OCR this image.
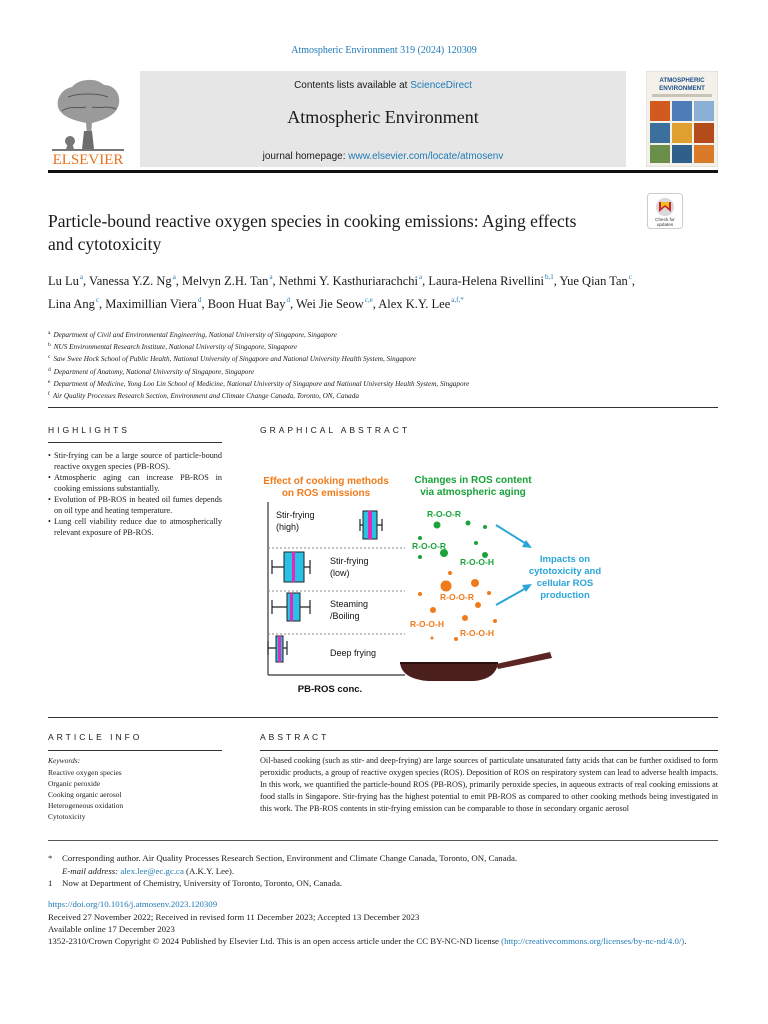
Atmospheric Environment 319 (2024) 120309
ELSEVIER
Contents lists available at ScienceDirect
Atmospheric Environment
journal homepage: www.elsevier.com/locate/atmosenv
ATMOSPHERIC
ENVIRONMENT
Check for
updates
Particle-bound reactive oxygen species in cooking emissions: Aging effects
and cytotoxicity
Lu Lu$^a$, Vanessa Y.Z. Ng$^a$, Melvyn Z.H. Tan$^a$, Nethmi Y. Kasthuriarachchi$^a$, Laura-Helena Rivellini$^{b,1}$, Yue Qian Tan$^c$, Lina Ang$^c$, Maximillian Viera$^d$, Boon Huat Bay$^d$, Wei Jie Seow$^{c,e}$, Alex K.Y. Lee$^{a,f,*}$
$^a$ Department of Civil and Environmental Engineering, National University of Singapore, Singapore
$^b$ NUS Environmental Research Institute, National University of Singapore, Singapore
$^c$ Saw Swee Hock School of Public Health, National University of Singapore and National University Health System, Singapore
$^d$ Department of Anatomy, National University of Singapore, Singapore
$^e$ Department of Medicine, Yong Loo Lin School of Medicine, National University of Singapore and National University Health System, Singapore
$^f$ Air Quality Processes Research Section, Environment and Climate Change Canada, Toronto, ON, Canada
HIGHLIGHTS
• Stir-frying can be a large source of particle-bound reactive oxygen species (PB-ROS).
• Atmospheric aging can increase PB-ROS in cooking emissions substantially.
• Evolution of PB-ROS in heated oil fumes depends on oil type and heating temperature.
• Lung cell viability reduce due to atmospherically relevant exposure of PB-ROS.
GRAPHICAL ABSTRACT
Effect of cooking methods
on ROS emissions
Stir-frying
(high)
Stir-frying
(low)
Steaming
/Boiling
Deep frying
PB-ROS conc.
Changes in ROS content
via atmospheric aging
R-O-O-R
R-O-O-R
R-O-O-H
R-O-O-R
R-O-O-H
R-O-O-H
Impacts on
cytotoxicity and
cellular ROS
production
ARTICLE INFO
Keywords:
Reactive oxygen species
Organic peroxide
Cooking organic aerosol
Heterogeneous oxidation
Cytotoxicity
ABSTRACT
Oil-based cooking (such as stir- and deep-frying) are large sources of particulate unsaturated fatty acids that can be further oxidised to form peroxidic products, a group of reactive oxygen species (ROS). Deposition of ROS on respiratory system can lead to adverse health impacts. In this work, we quantified the particle-bound ROS (PB-ROS), primarily peroxide species, in aqueous extracts of real cooking emissions at food stalls in Singapore. Stir-frying has the highest potential to emit PB-ROS as compared to other cooking methods being investigated in this work. The PB-ROS contents in stir-frying emission can be comparable to those in secondary organic aerosol
* Corresponding author. Air Quality Processes Research Section, Environment and Climate Change Canada, Toronto, ON, Canada.
E-mail address: alex.lee@ec.gc.ca (A.K.Y. Lee).
1 Now at Department of Chemistry, University of Toronto, Toronto, ON, Canada.
https://doi.org/10.1016/j.atmosenv.2023.120309
Received 27 November 2022; Received in revised form 11 December 2023; Accepted 13 December 2023
Available online 17 December 2023
1352-2310/Crown Copyright © 2024 Published by Elsevier Ltd. This is an open access article under the CC BY-NC-ND license (http://creativecommons.org/licenses/by-nc-nd/4.0/).
